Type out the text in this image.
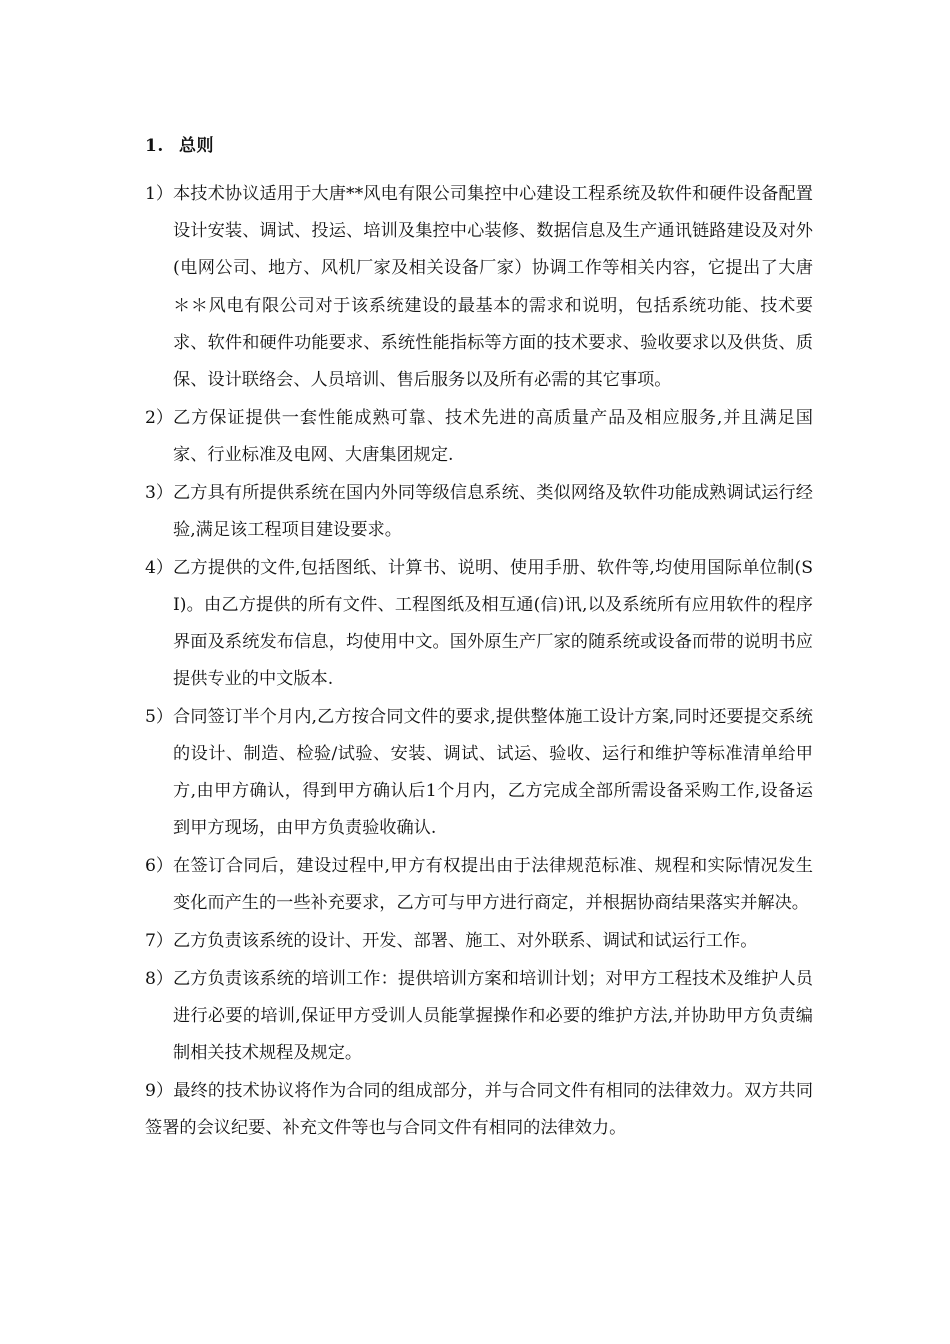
1. 总则
1） 本技术协议适用于大唐**风电有限公司集控中心建设工程系统及软件和硬件设备配置设计安装、调试、投运、培训及集控中心装修、数据信息及生产通讯链路建设及对外(电网公司、地方、风机厂家及相关设备厂家）协调工作等相关内容，它提出了大唐＊＊风电有限公司对于该系统建设的最基本的需求和说明，包括系统功能、技术要求、软件和硬件功能要求、系统性能指标等方面的技术要求、验收要求以及供货、质保、设计联络会、人员培训、售后服务以及所有必需的其它事项。
2） 乙方保证提供一套性能成熟可靠、技术先进的高质量产品及相应服务,并且满足国家、行业标准及电网、大唐集团规定.
3） 乙方具有所提供系统在国内外同等级信息系统、类似网络及软件功能成熟调试运行经验,满足该工程项目建设要求。
4） 乙方提供的文件,包括图纸、计算书、说明、使用手册、软件等,均使用国际单位制(SI)。由乙方提供的所有文件、工程图纸及相互通(信)讯,以及系统所有应用软件的程序界面及系统发布信息，均使用中文。国外原生产厂家的随系统或设备而带的说明书应提供专业的中文版本.
5） 合同签订半个月内,乙方按合同文件的要求,提供整体施工设计方案,同时还要提交系统的设计、制造、检验/试验、安装、调试、试运、验收、运行和维护等标准清单给甲方,由甲方确认，得到甲方确认后1个月内，乙方完成全部所需设备采购工作,设备运到甲方现场，由甲方负责验收确认.
6） 在签订合同后，建设过程中,甲方有权提出由于法律规范标准、规程和实际情况发生变化而产生的一些补充要求，乙方可与甲方进行商定，并根据协商结果落实并解决。
7） 乙方负责该系统的设计、开发、部署、施工、对外联系、调试和试运行工作。
8） 乙方负责该系统的培训工作：提供培训方案和培训计划；对甲方工程技术及维护人员进行必要的培训,保证甲方受训人员能掌握操作和必要的维护方法,并协助甲方负责编制相关技术规程及规定。
9）最终的技术协议将作为合同的组成部分，并与合同文件有相同的法律效力。双方共同签署的会议纪要、补充文件等也与合同文件有相同的法律效力。
